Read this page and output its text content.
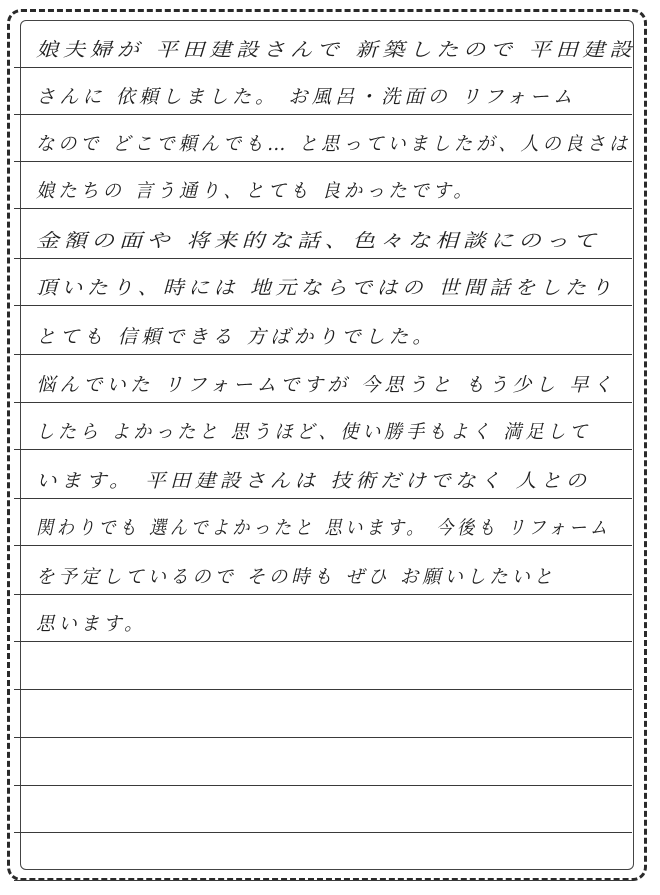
娘夫婦が 平田建設さんで 新築したので 平田建設
さんに 依頼しました。 お風呂・洗面の リフォーム
なので どこで頼んでも… と思っていましたが、人の良さは
娘たちの 言う通り、とても 良かったです。
金額の面や 将来的な話、色々な相談にのって
頂いたり、時には 地元ならではの 世間話をしたり
とても 信頼できる 方ばかりでした。
悩んでいた リフォームですが 今思うと もう少し 早く
したら よかったと 思うほど、使い勝手もよく 満足して
います。 平田建設さんは 技術だけでなく 人との
関わりでも 選んでよかったと 思います。 今後も リフォーム
を予定しているので その時も ぜひ お願いしたいと
思います。
